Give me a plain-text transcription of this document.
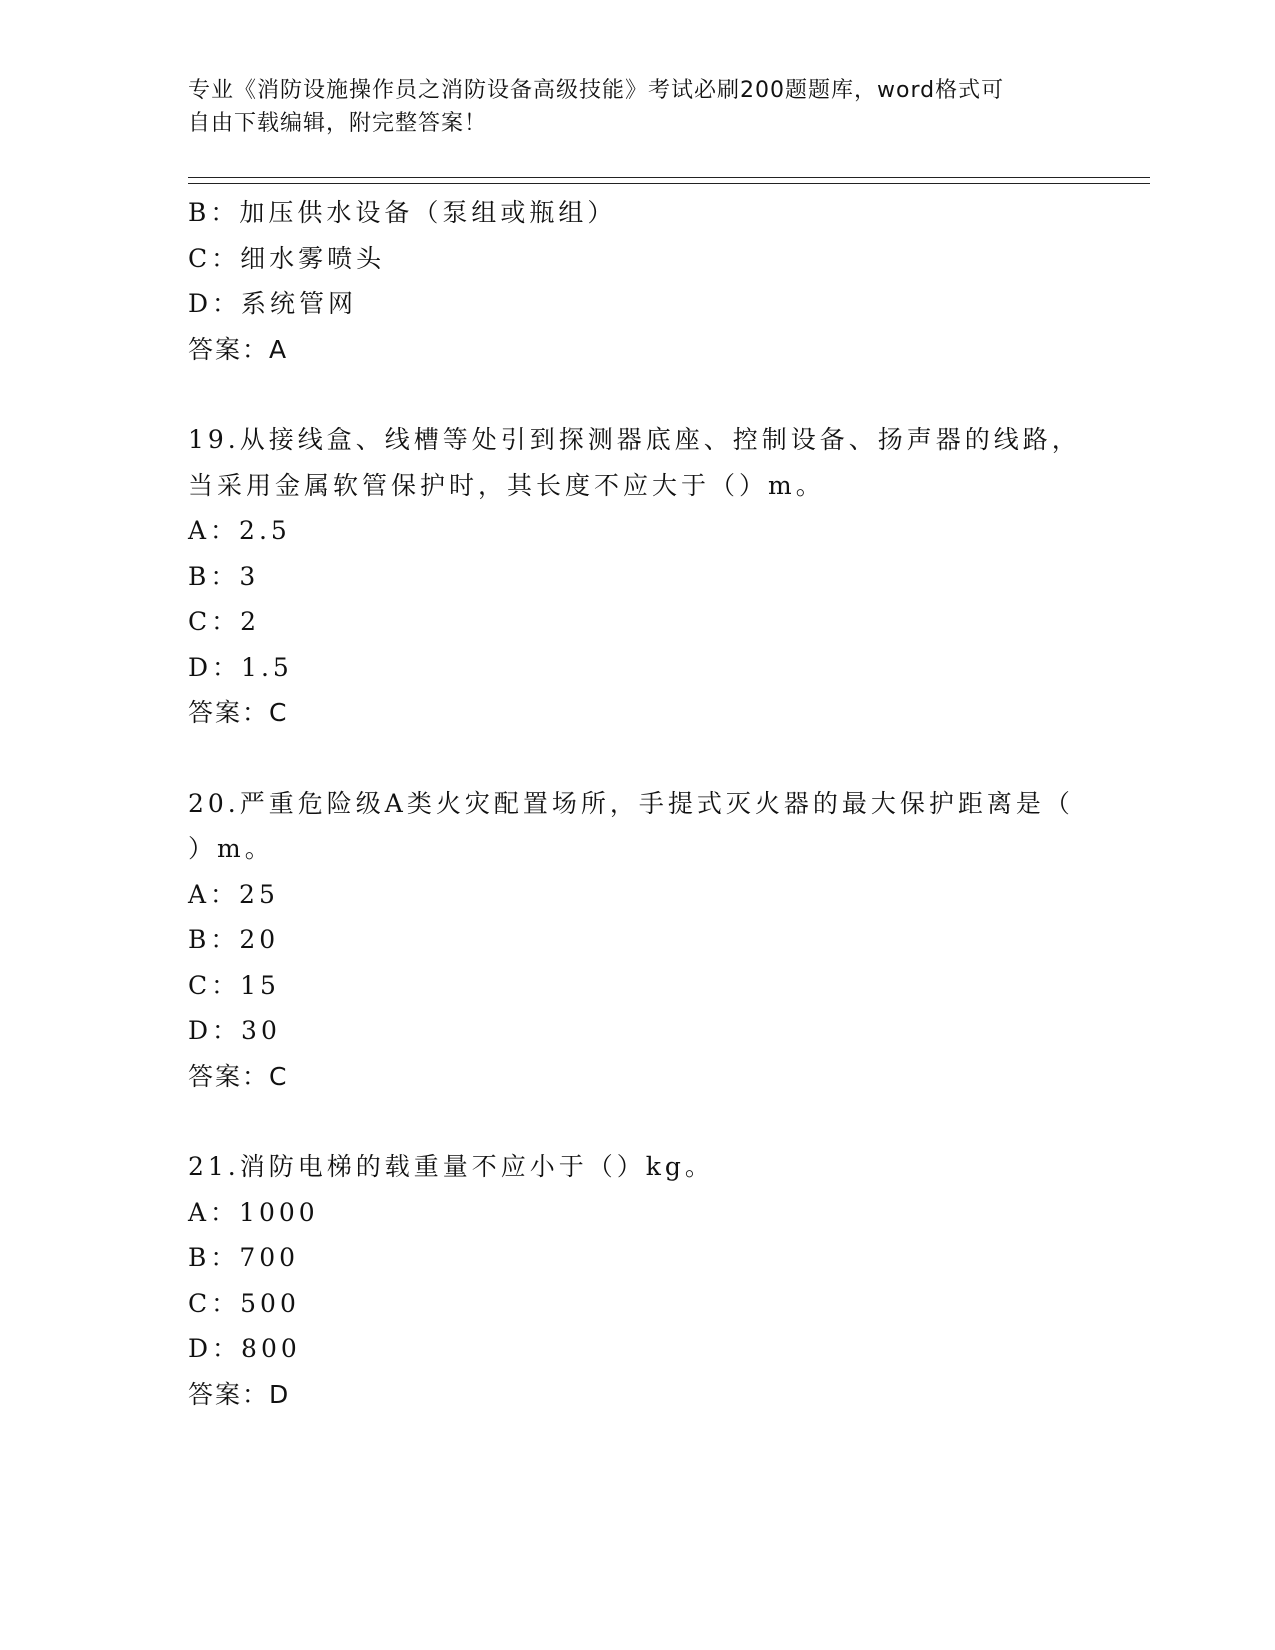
专业《消防设施操作员之消防设备高级技能》考试必刷200题题库，word格式可
自由下载编辑，附完整答案！
B：加压供水设备（泵组或瓶组）
C：细水雾喷头
D：系统管网
答案：A
19.从接线盒、线槽等处引到探测器底座、控制设备、扬声器的线路，
当采用金属软管保护时，其长度不应大于（）m。
A：2.5
B：3
C：2
D：1.5
答案：C
20.严重危险级A类火灾配置场所，手提式灭火器的最大保护距离是（
）m。
A：25
B：20
C：15
D：30
答案：C
21.消防电梯的载重量不应小于（）kg。
A：1000
B：700
C：500
D：800
答案：D
